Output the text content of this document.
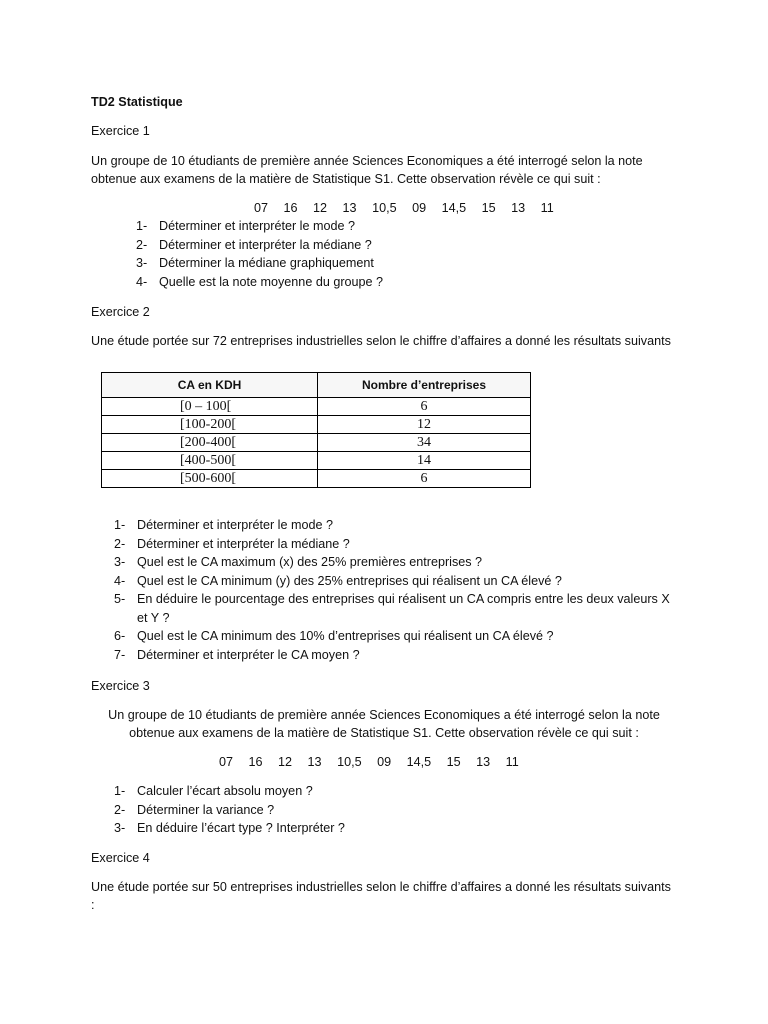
TD2 Statistique
Exercice 1
Un groupe de 10 étudiants de première année Sciences Economiques a été interrogé selon la note
obtenue aux examens de la matière de Statistique S1. Cette observation révèle ce qui suit :
07 16 12 13 10,5 09 14,5 15 13 11
1- Déterminer et interpréter le mode ?
2- Déterminer et interpréter la médiane ?
3- Déterminer la médiane graphiquement
4- Quelle est la note moyenne du groupe ?
Exercice 2
Une étude portée sur 72 entreprises industrielles selon le chiffre d’affaires a donné les résultats suivants
CA en KDH	Nombre d’entreprises
[0 – 100[	6
[100-200[	12
[200-400[	34
[400-500[	14
[500-600[	6
1- Déterminer et interpréter le mode ?
2- Déterminer et interpréter la médiane ?
3- Quel est le CA maximum (x) des 25% premières entreprises ?
4- Quel est le CA minimum (y) des 25% entreprises qui réalisent un CA élevé ?
5- En déduire le pourcentage des entreprises qui réalisent un CA compris entre les deux valeurs X
et Y ?
6- Quel est le CA minimum des 10% d’entreprises qui réalisent un CA élevé ?
7- Déterminer et interpréter le CA moyen ?
Exercice 3
Un groupe de 10 étudiants de première année Sciences Economiques a été interrogé selon la note
obtenue aux examens de la matière de Statistique S1. Cette observation révèle ce qui suit :
07 16 12 13 10,5 09 14,5 15 13 11
1- Calculer l’écart absolu moyen ?
2- Déterminer la variance ?
3- En déduire l’écart type ? Interpréter ?
Exercice 4
Une étude portée sur 50 entreprises industrielles selon le chiffre d’affaires a donné les résultats suivants
:
